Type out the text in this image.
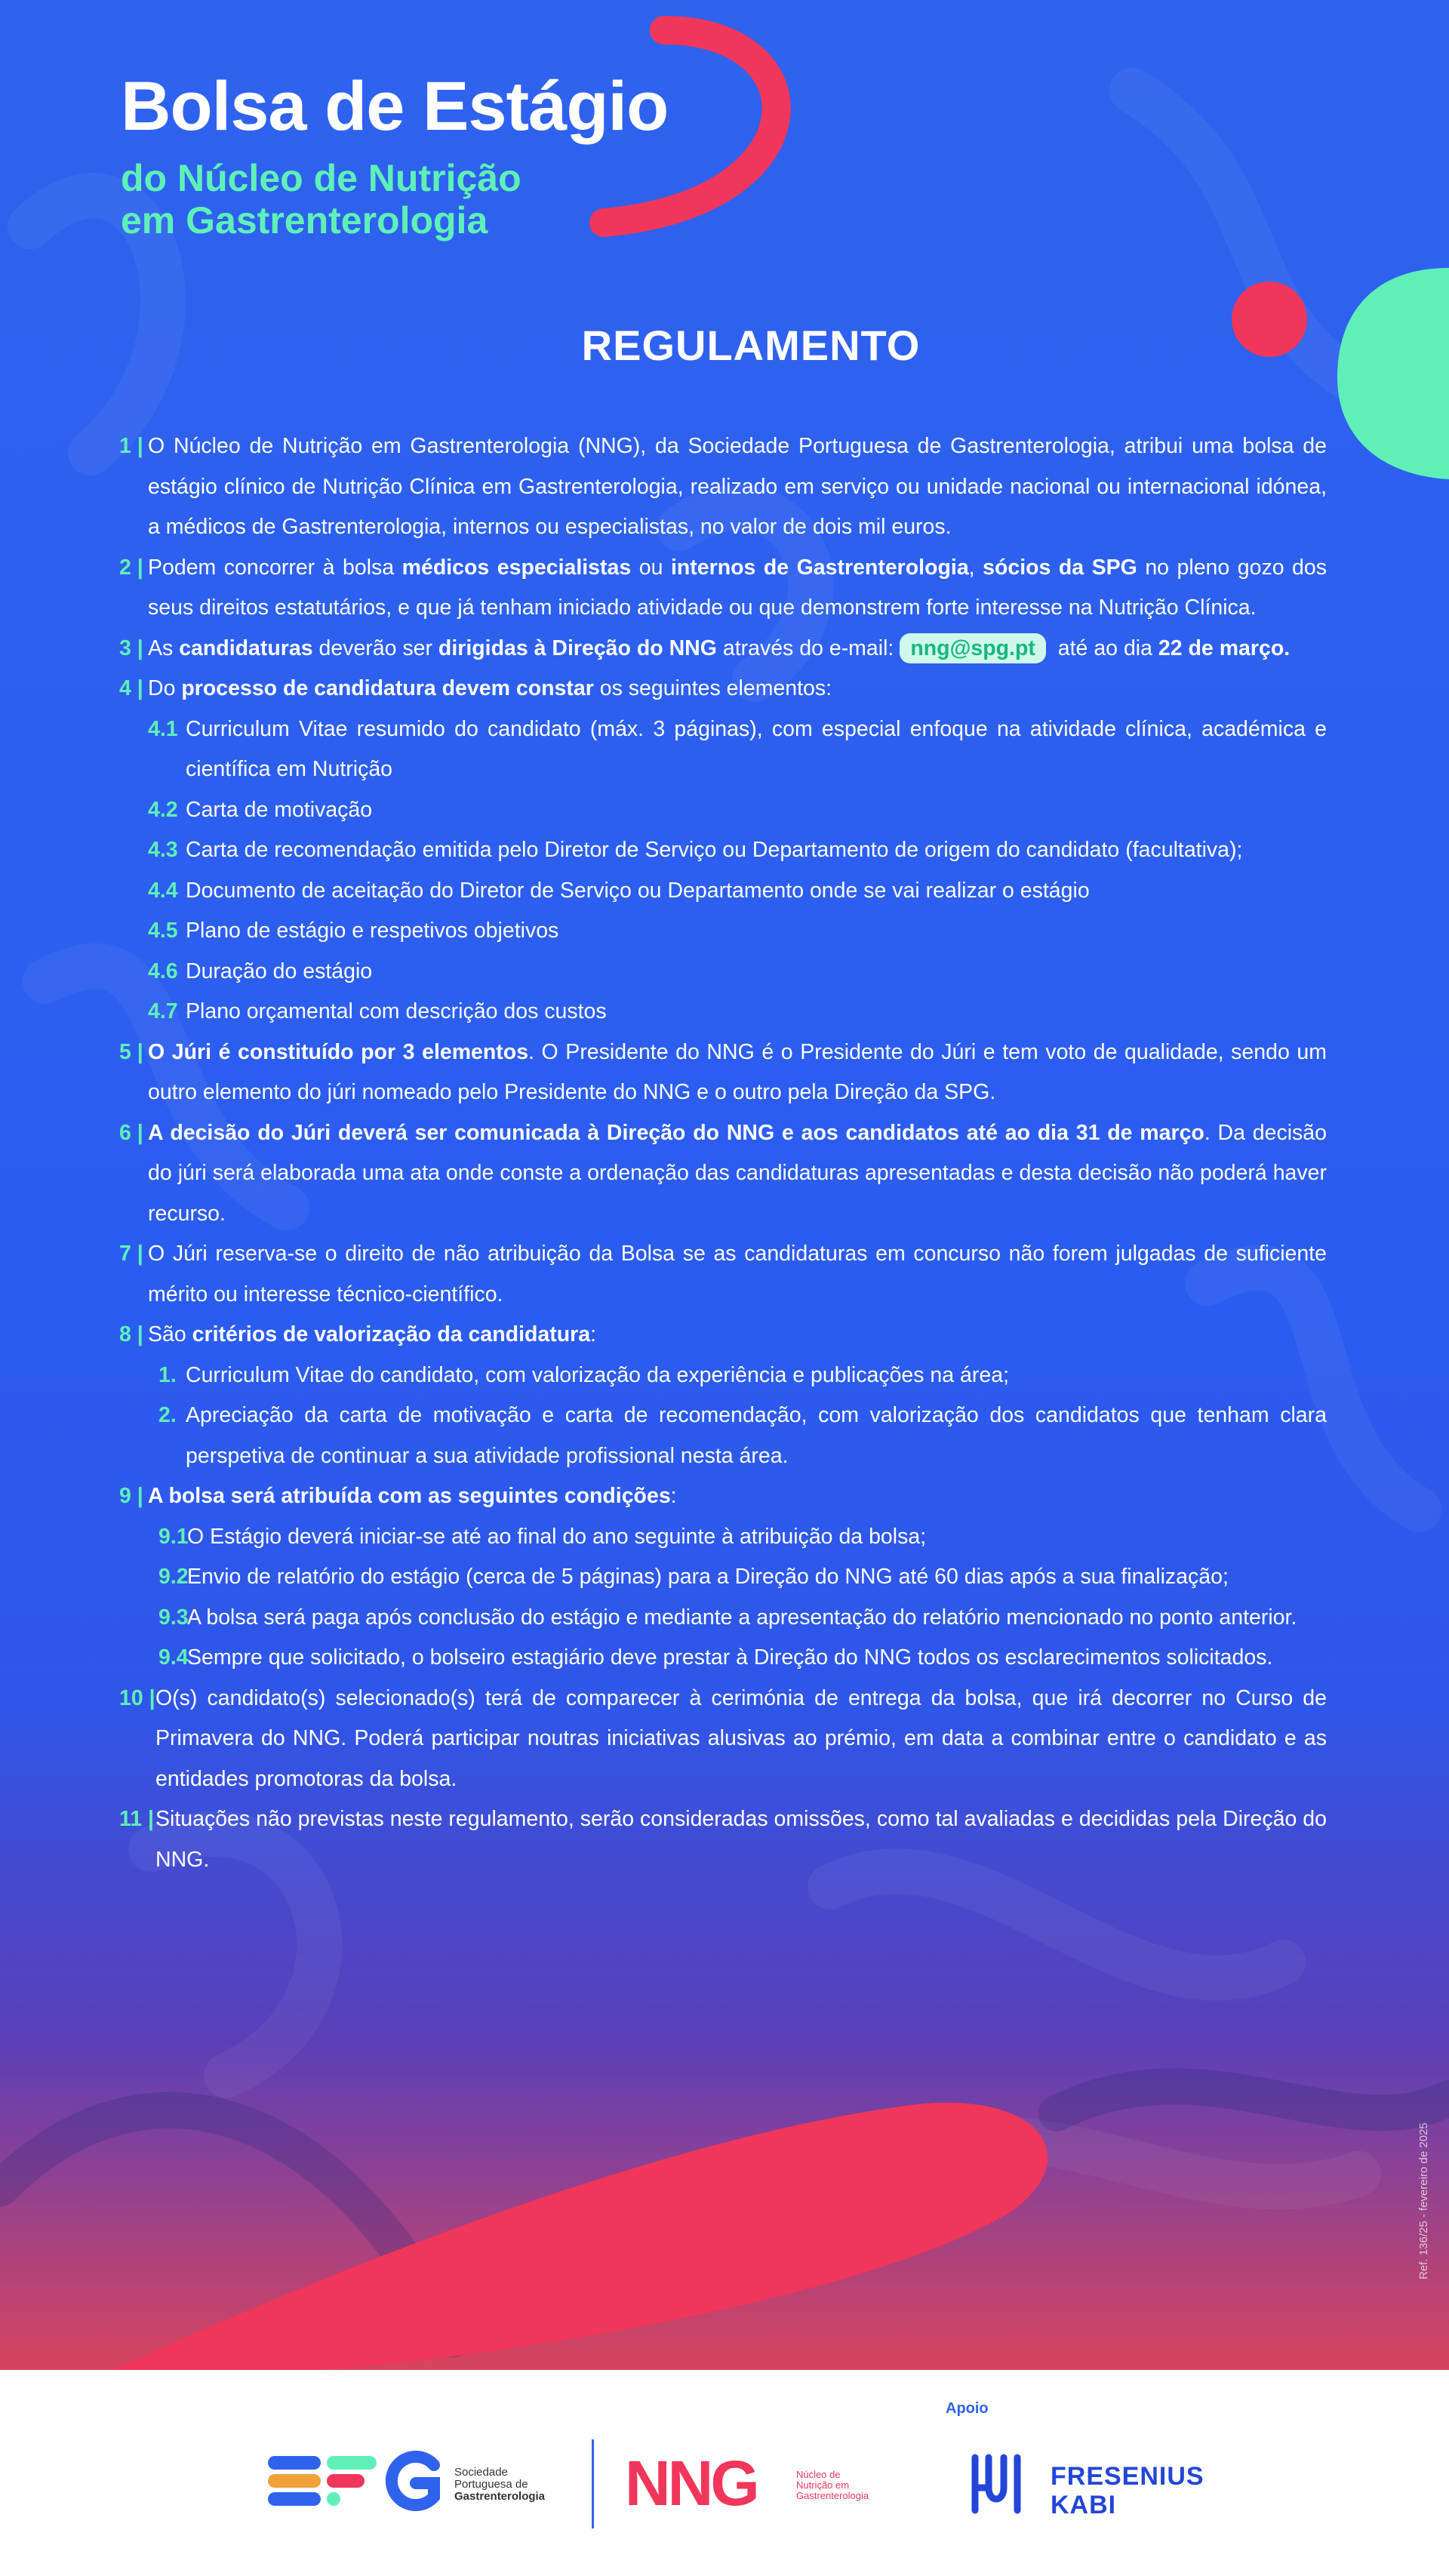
Bolsa de Estágio
do Núcleo de Nutrição
em Gastrenterologia
REGULAMENTO
1 | O Núcleo de Nutrição em Gastrenterologia (NNG), da Sociedade Portuguesa de Gastrenterologia, atribui uma bolsa de estágio clínico de Nutrição Clínica em Gastrenterologia, realizado em serviço ou unidade nacional ou internacional idónea, a médicos de Gastrenterologia, internos ou especialistas, no valor de dois mil euros.
2 | Podem concorrer à bolsa médicos especialistas ou internos de Gastrenterologia, sócios da SPG no pleno gozo dos seus direitos estatutários, e que já tenham iniciado atividade ou que demonstrem forte interesse na Nutrição Clínica.
3 | As candidaturas deverão ser dirigidas à Direção do NNG através do e-mail: nng@spg.pt até ao dia 22 de março.
4 | Do processo de candidatura devem constar os seguintes elementos:
4.1 Curriculum Vitae resumido do candidato (máx. 3 páginas), com especial enfoque na atividade clínica, académica e científica em Nutrição
4.2 Carta de motivação
4.3 Carta de recomendação emitida pelo Diretor de Serviço ou Departamento de origem do candidato (facultativa);
4.4 Documento de aceitação do Diretor de Serviço ou Departamento onde se vai realizar o estágio
4.5 Plano de estágio e respetivos objetivos
4.6 Duração do estágio
4.7 Plano orçamental com descrição dos custos
5 | O Júri é constituído por 3 elementos. O Presidente do NNG é o Presidente do Júri e tem voto de qualidade, sendo um outro elemento do júri nomeado pelo Presidente do NNG e o outro pela Direção da SPG.
6 | A decisão do Júri deverá ser comunicada à Direção do NNG e aos candidatos até ao dia 31 de março. Da decisão do júri será elaborada uma ata onde conste a ordenação das candidaturas apresentadas e desta decisão não poderá haver recurso.
7 | O Júri reserva-se o direito de não atribuição da Bolsa se as candidaturas em concurso não forem julgadas de suficiente mérito ou interesse técnico-científico.
8 | São critérios de valorização da candidatura:
1. Curriculum Vitae do candidato, com valorização da experiência e publicações na área;
2. Apreciação da carta de motivação e carta de recomendação, com valorização dos candidatos que tenham clara perspetiva de continuar a sua atividade profissional nesta área.
9 | A bolsa será atribuída com as seguintes condições:
9.1
O Estágio deverá iniciar-se até ao final do ano seguinte à atribuição da bolsa;
9.2
Envio de relatório do estágio (cerca de 5 páginas) para a Direção do NNG até 60 dias após a sua finalização;
9.3
A bolsa será paga após conclusão do estágio e mediante a apresentação do relatório mencionado no ponto anterior.
9.4
Sempre que solicitado, o bolseiro estagiário deve prestar à Direção do NNG todos os esclarecimentos solicitados.
10 | O(s) candidato(s) selecionado(s) terá de comparecer à cerimónia de entrega da bolsa, que irá decorrer no Curso de Primavera do NNG. Poderá participar noutras iniciativas alusivas ao prémio, em data a combinar entre o candidato e as entidades promotoras da bolsa.
11 | Situações não previstas neste regulamento, serão consideradas omissões, como tal avaliadas e decididas pela Direção do NNG.
Ref. 136/25 - fevereiro de 2025
Apoio
SPG
Sociedade
Portuguesa de
Gastrenterologia NNG	Núcleo de
Nutrição em
Gastrenterologia
FRESENIUS
KABI
